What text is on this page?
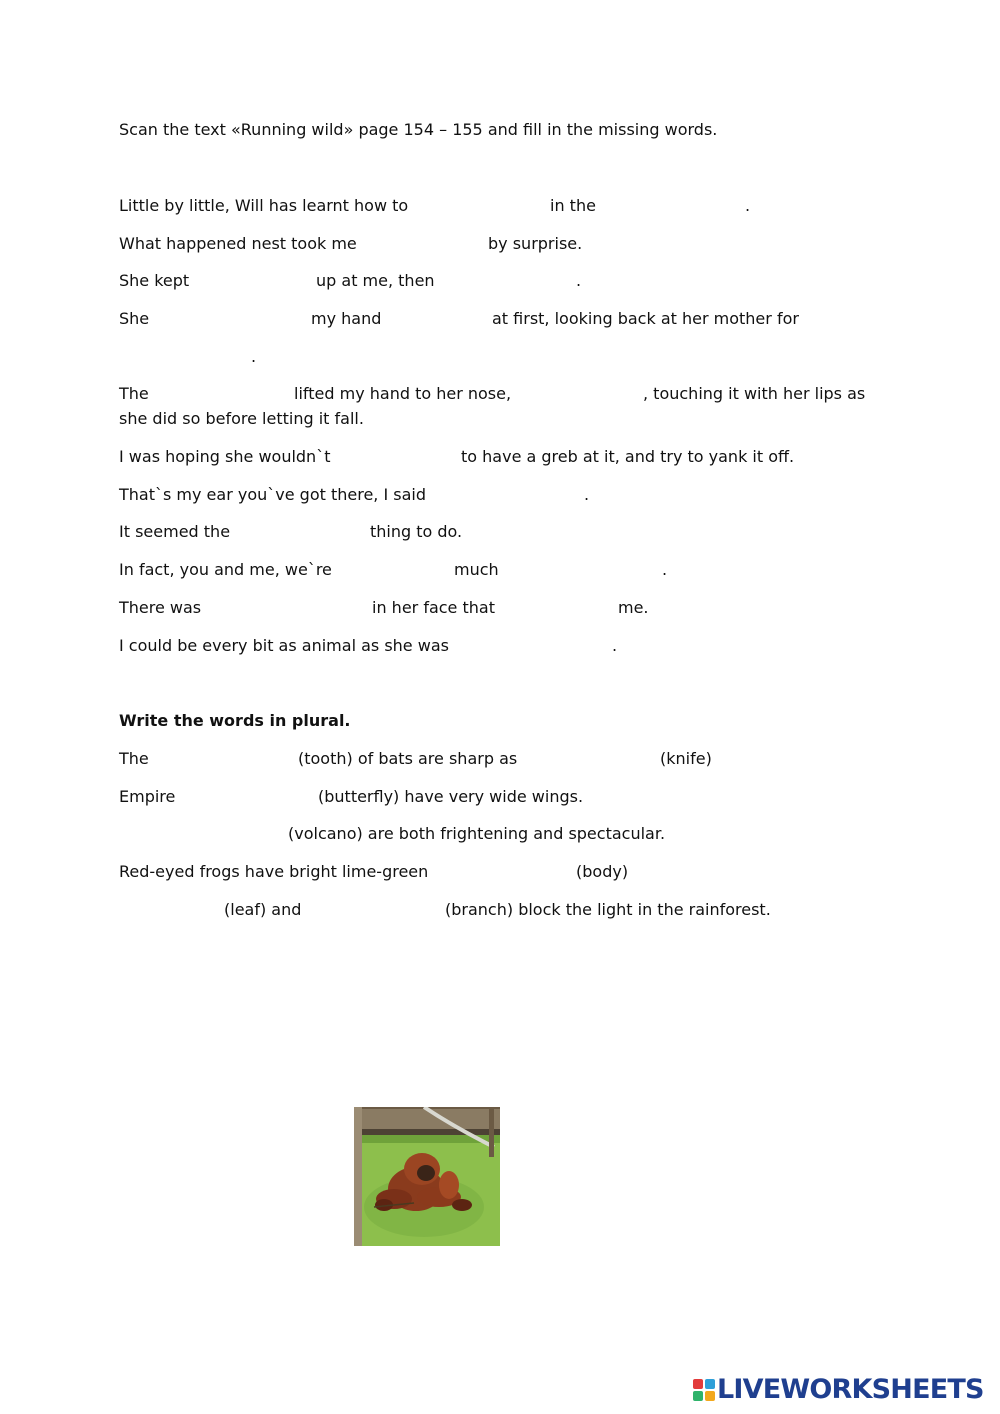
Scan the text «Running wild» page 154 – 155 and fill in the missing words.
Little by little, Will has learnt how to	in the	.
What happened nest took me	by surprise.
She kept	up at me, then	.
She	my hand	at first, looking back at her mother for
.
The	lifted my hand to her nose,	, touching it with her lips as
she did so before letting it fall.
I was hoping she wouldn`t	to have a greb at it, and try to yank it off.
That`s my ear you`ve got there, I said	.
It seemed the	thing to do.
In fact, you and me, we`re	much	.
There was	in her face that	me.
I could be every bit as animal as she was	.
Write the words in plural.
The	(tooth) of bats are sharp as	(knife)
Empire	(butterfly) have very wide wings.
(volcano) are both frightening and spectacular.
Red-eyed frogs have bright lime-green	(body)
(leaf) and	(branch) block the light in the rainforest.
LIVEWORKSHEETS
